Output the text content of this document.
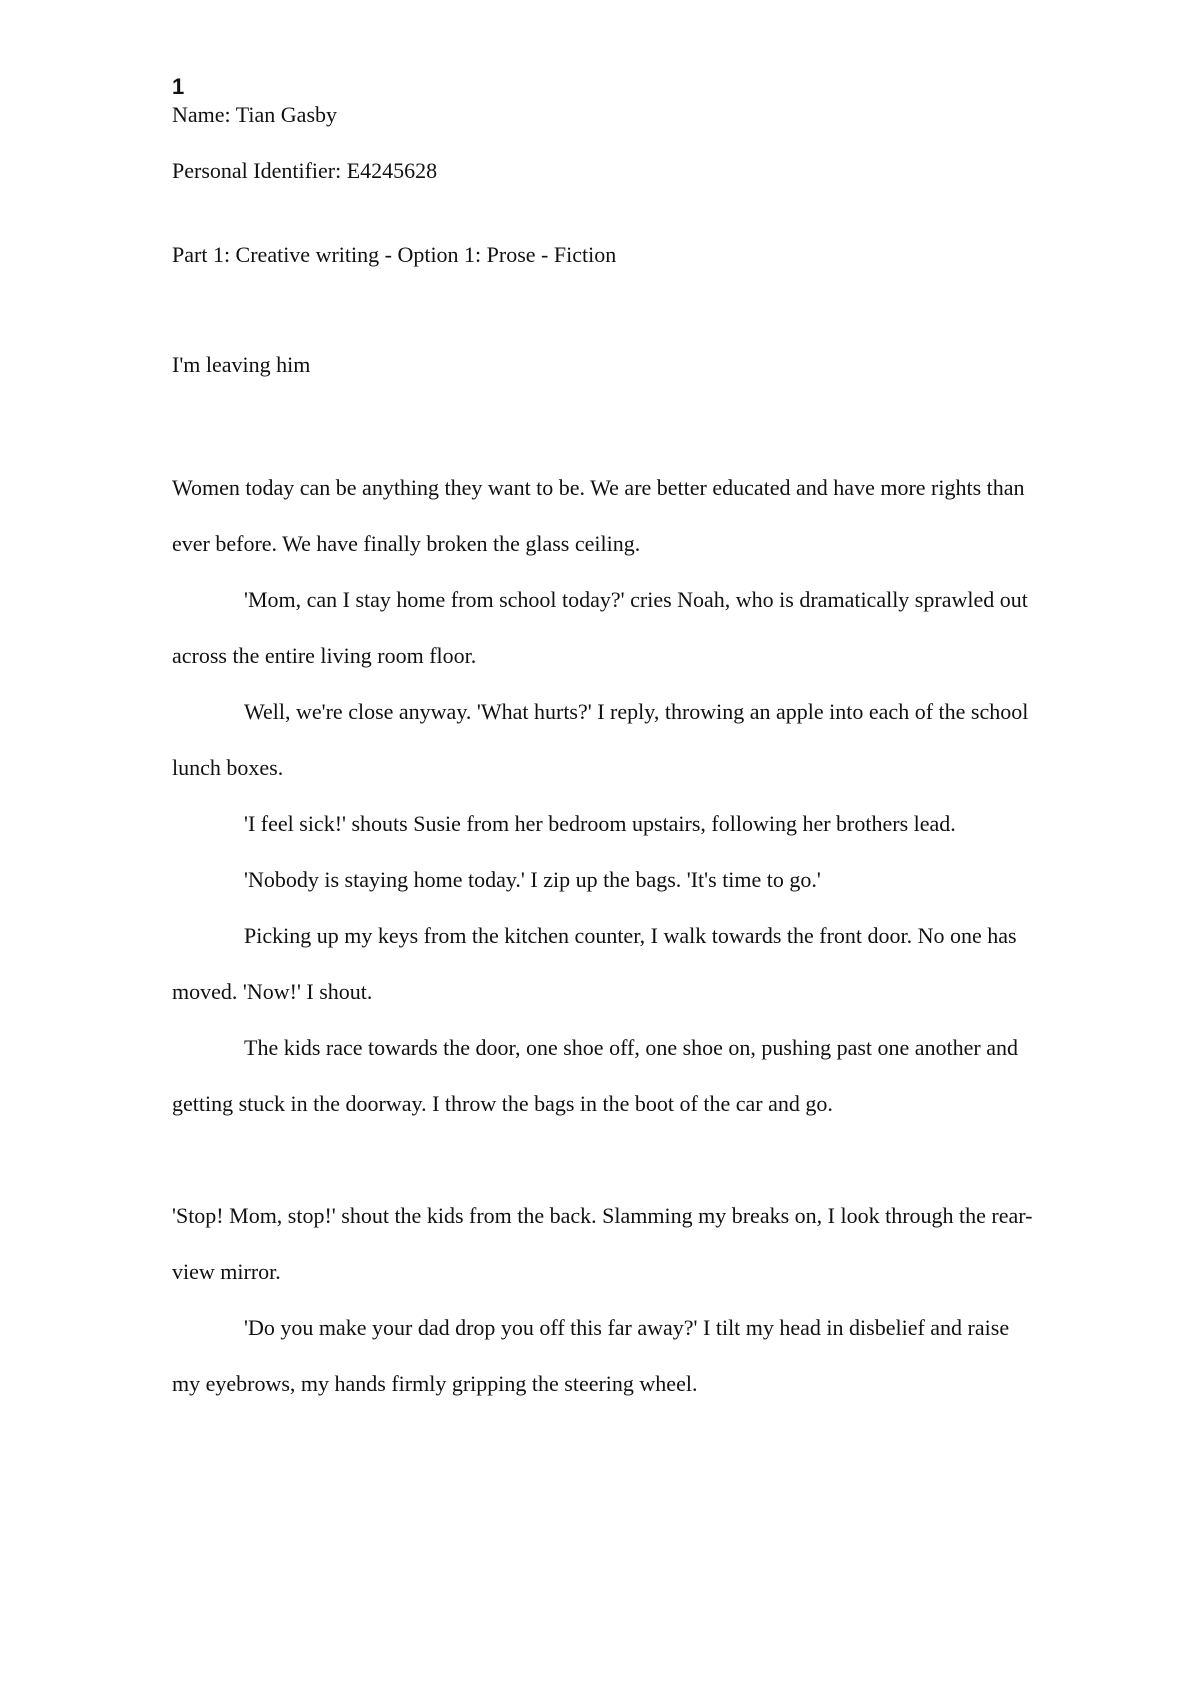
1

Name: Tian Gasby

Personal Identifier: E4245628

Part 1: Creative writing - Option 1: Prose - Fiction

I'm leaving him

Women today can be anything they want to be. We are better educated and have more rights than ever before. We have finally broken the glass ceiling.

'Mom, can I stay home from school today?' cries Noah, who is dramatically sprawled out across the entire living room floor.

Well, we're close anyway. 'What hurts?' I reply, throwing an apple into each of the school lunch boxes.

'I feel sick!' shouts Susie from her bedroom upstairs, following her brothers lead.

'Nobody is staying home today.' I zip up the bags. 'It's time to go.'

Picking up my keys from the kitchen counter, I walk towards the front door. No one has moved. 'Now!' I shout.

The kids race towards the door, one shoe off, one shoe on, pushing past one another and getting stuck in the doorway. I throw the bags in the boot of the car and go.

'Stop! Mom, stop!' shout the kids from the back. Slamming my breaks on, I look through the rear-view mirror.

'Do you make your dad drop you off this far away?' I tilt my head in disbelief and raise my eyebrows, my hands firmly gripping the steering wheel.
